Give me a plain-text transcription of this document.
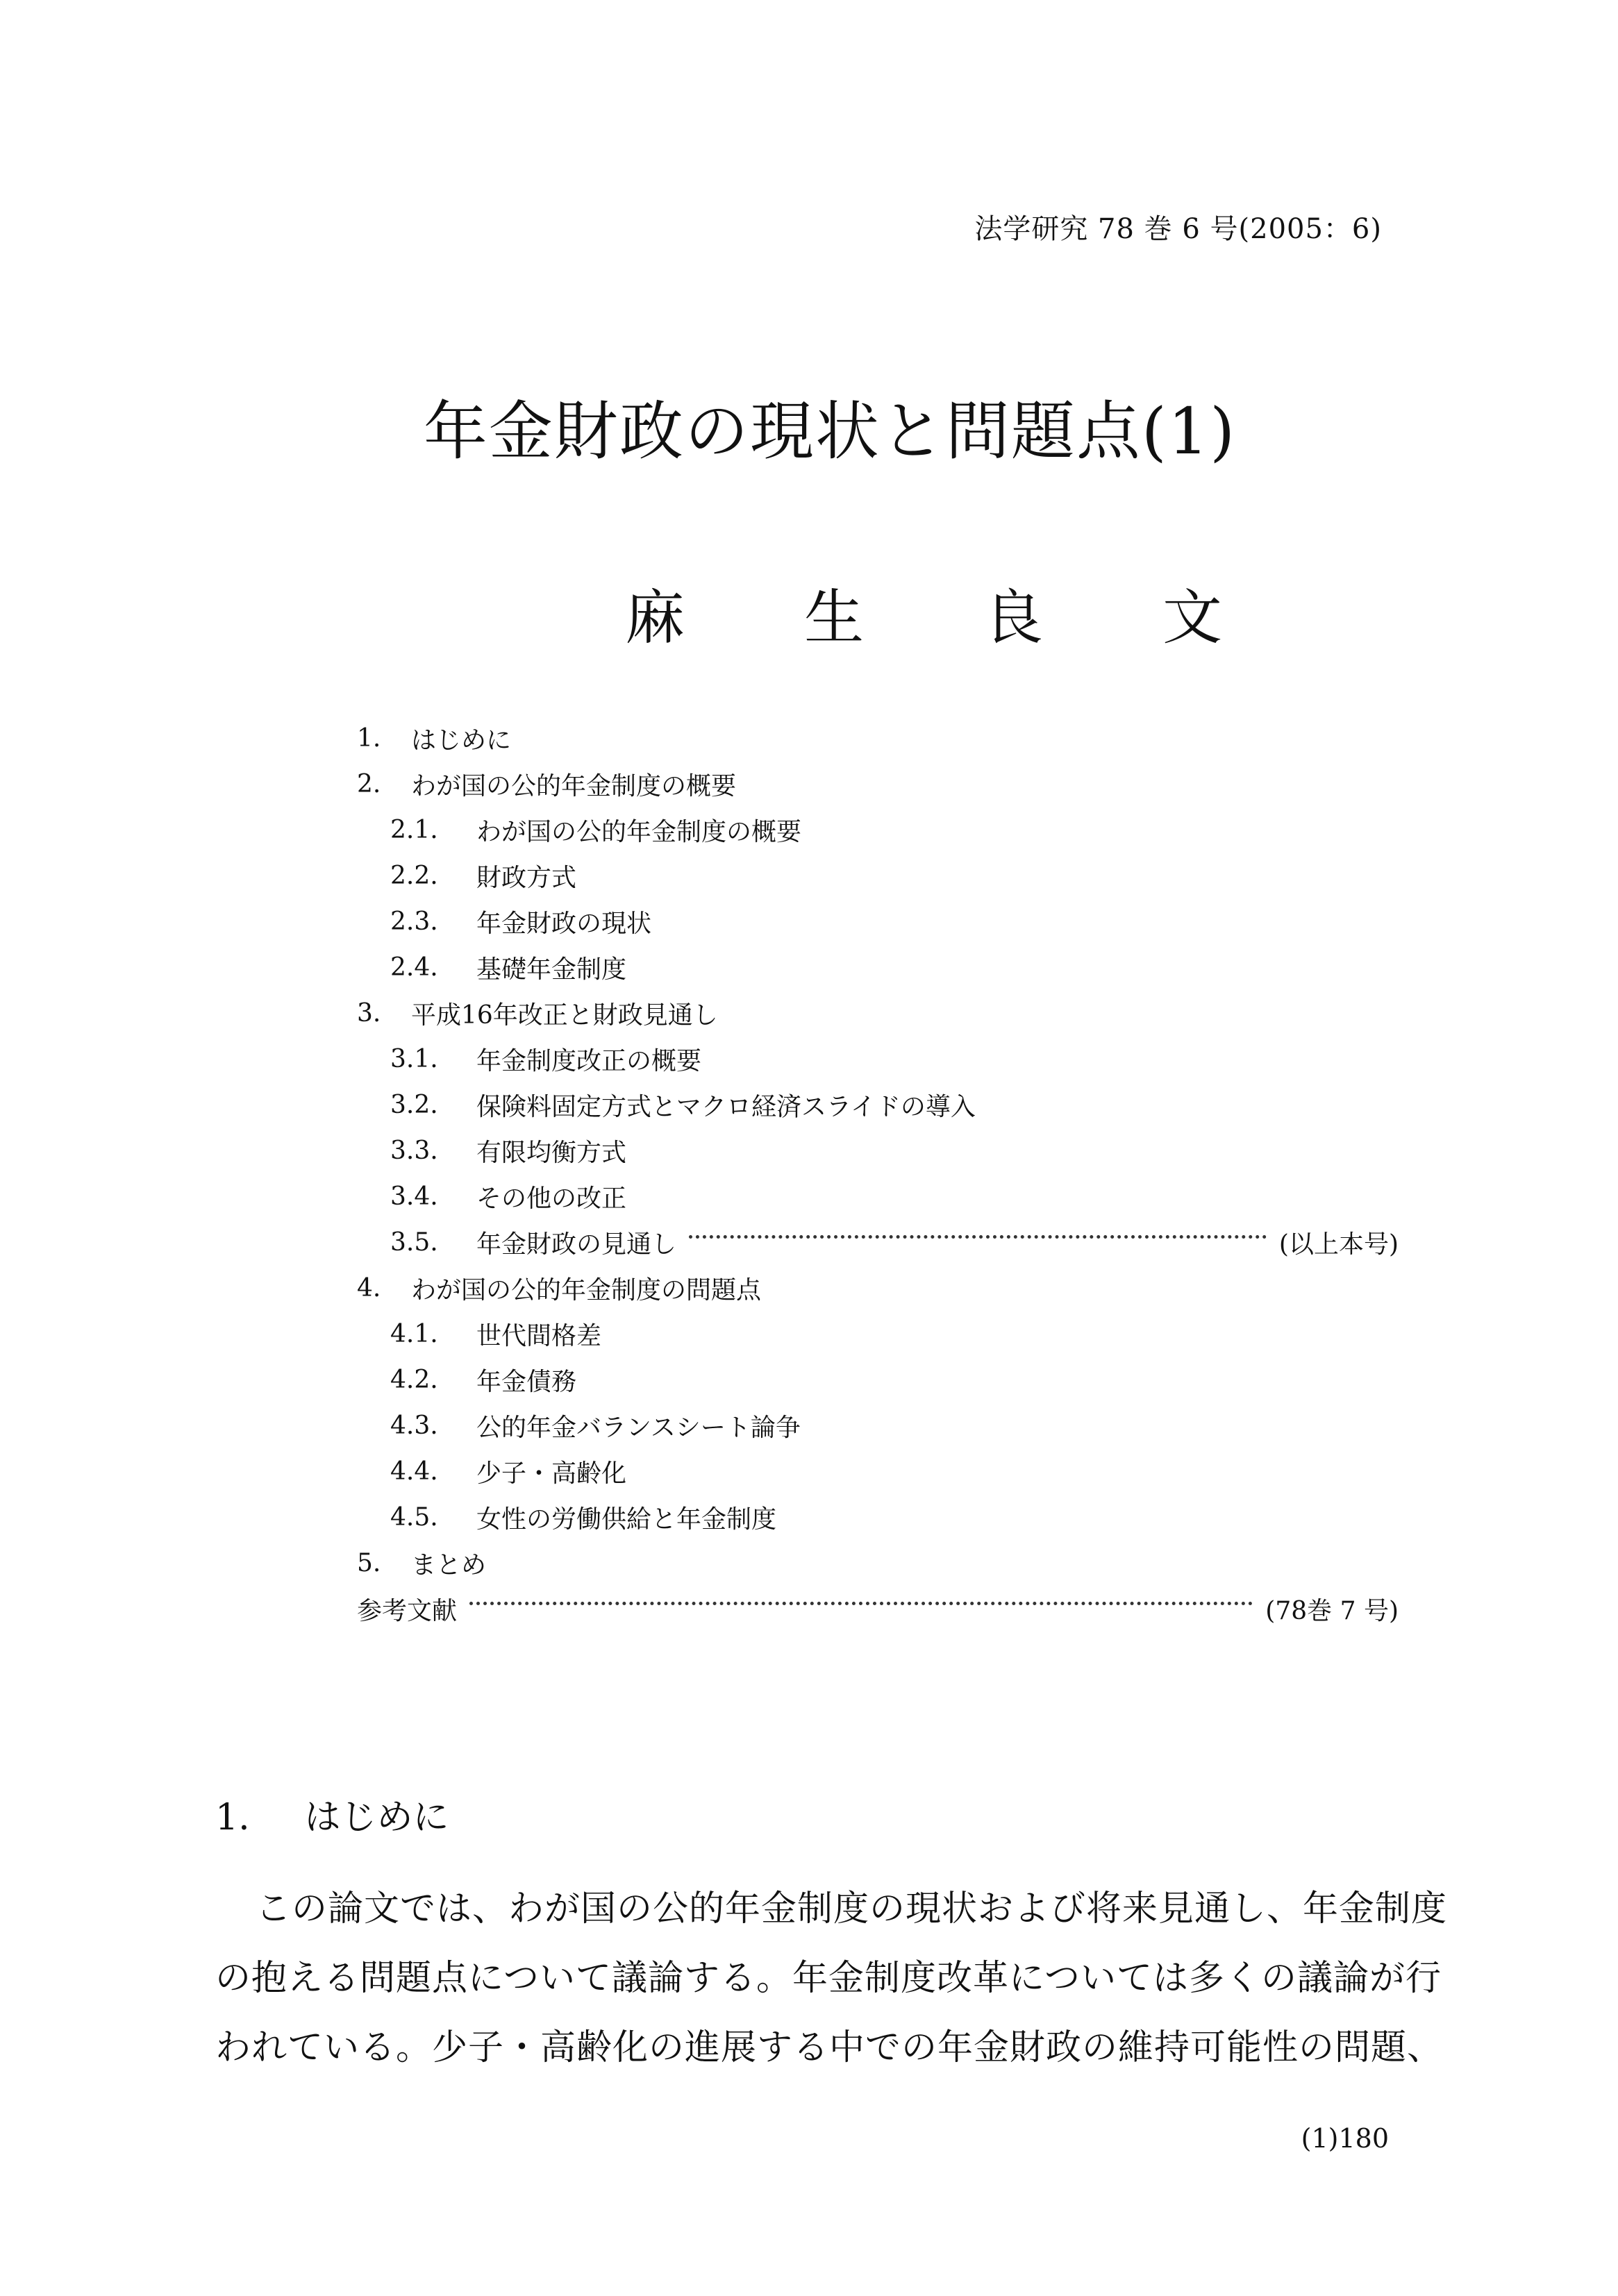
法学研究 78 巻 6 号(2005：6)
年金財政の現状と問題点(1)
麻 生 良 文
1.	はじめに
2.	わが国の公的年金制度の概要
2.1.	わが国の公的年金制度の概要
2.2.	財政方式
2.3.	年金財政の現状
2.4.	基礎年金制度
3.	平成16年改正と財政見通し
3.1.	年金制度改正の概要
3.2.	保険料固定方式とマクロ経済スライドの導入
3.3.	有限均衡方式
3.4.	その他の改正
3.5.	年金財政の見通し	(以上本号)
4.	わが国の公的年金制度の問題点
4.1.	世代間格差
4.2.	年金債務
4.3.	公的年金バランスシート論争
4.4.	少子・高齢化
4.5.	女性の労働供給と年金制度
5.	まとめ
参考文献	(78巻 7 号)
1. はじめに
この論文では、わが国の公的年金制度の現状および将来見通し、年金制度
の抱える問題点について議論する。年金制度改革については多くの議論が行
われている。少子・高齢化の進展する中での年金財政の維持可能性の問題、
(1)180
